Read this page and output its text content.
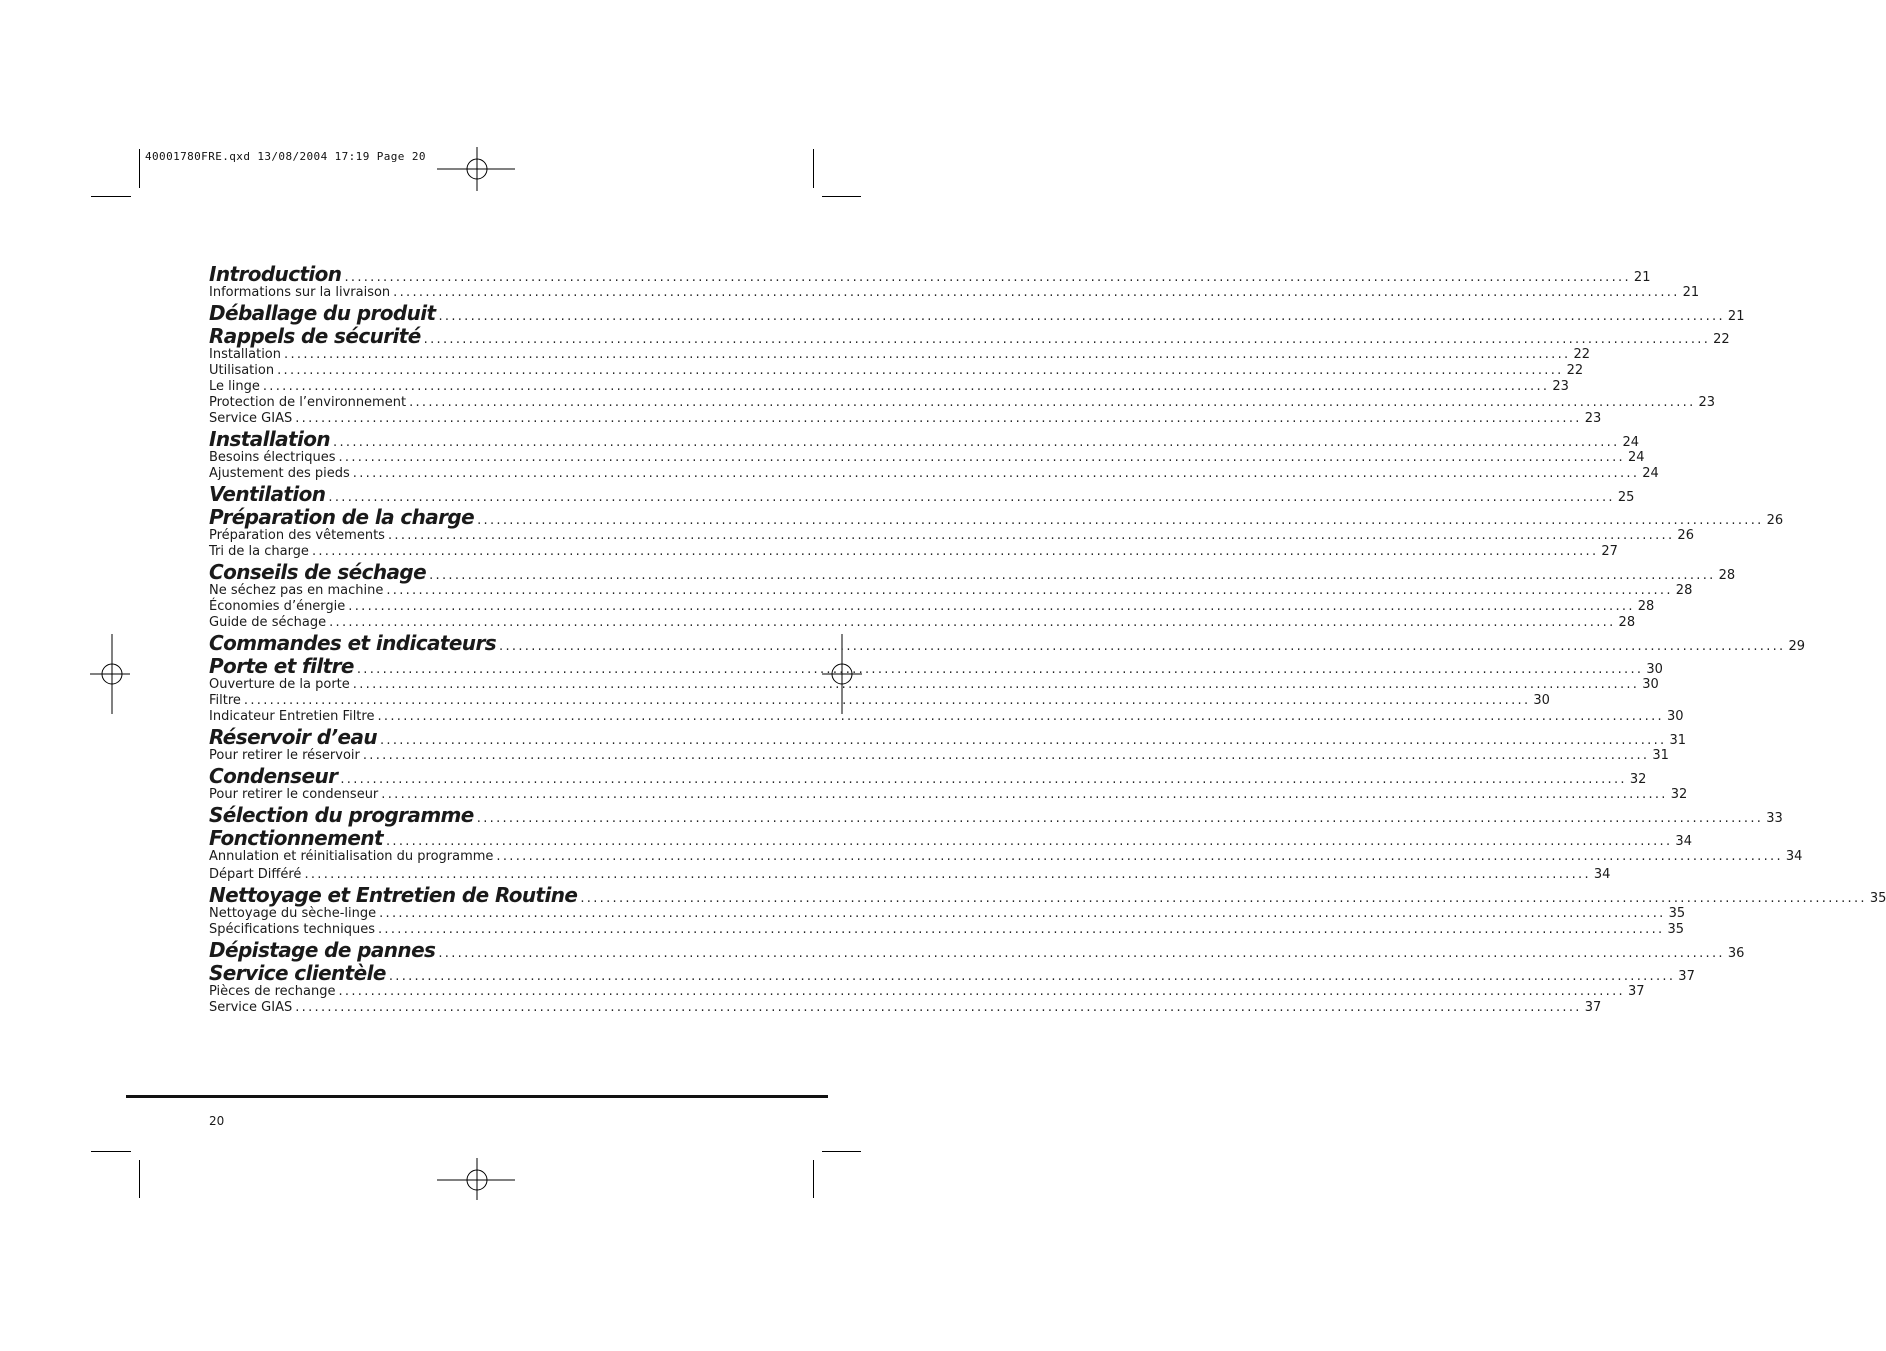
40001780FRE.qxd 13/08/2004 17:19 Page 20
Introduction ........................................................................................................................................................................................................ 21
Informations sur la livraison ........................................................................................................................................................................................................ 21
Déballage du produit ........................................................................................................................................................................................................ 21
Rappels de sécurité ........................................................................................................................................................................................................ 22
Installation ........................................................................................................................................................................................................ 22
Utilisation ........................................................................................................................................................................................................ 22
Le linge ........................................................................................................................................................................................................ 23
Protection de l’environnement ........................................................................................................................................................................................................ 23
Service GIAS ........................................................................................................................................................................................................ 23
Installation ........................................................................................................................................................................................................ 24
Besoins électriques ........................................................................................................................................................................................................ 24
Ajustement des pieds ........................................................................................................................................................................................................ 24
Ventilation ........................................................................................................................................................................................................ 25
Préparation de la charge ........................................................................................................................................................................................................ 26
Préparation des vêtements ........................................................................................................................................................................................................ 26
Tri de la charge ........................................................................................................................................................................................................ 27
Conseils de séchage ........................................................................................................................................................................................................ 28
Ne séchez pas en machine ........................................................................................................................................................................................................ 28
Économies d’énergie ........................................................................................................................................................................................................ 28
Guide de séchage ........................................................................................................................................................................................................ 28
Commandes et indicateurs ........................................................................................................................................................................................................ 29
Porte et filtre ........................................................................................................................................................................................................ 30
Ouverture de la porte ........................................................................................................................................................................................................ 30
Filtre ........................................................................................................................................................................................................ 30
Indicateur Entretien Filtre ........................................................................................................................................................................................................ 30
Réservoir d’eau ........................................................................................................................................................................................................ 31
Pour retirer le réservoir ........................................................................................................................................................................................................ 31
Condenseur ........................................................................................................................................................................................................ 32
Pour retirer le condenseur ........................................................................................................................................................................................................ 32
Sélection du programme ........................................................................................................................................................................................................ 33
Fonctionnement ........................................................................................................................................................................................................ 34
Annulation et réinitialisation du programme ........................................................................................................................................................................................................ 34
Départ Différé ........................................................................................................................................................................................................ 34
Nettoyage et Entretien de Routine ........................................................................................................................................................................................................ 35
Nettoyage du sèche-linge ........................................................................................................................................................................................................ 35
Spécifications techniques ........................................................................................................................................................................................................ 35
Dépistage de pannes ........................................................................................................................................................................................................ 36
Service clientèle ........................................................................................................................................................................................................ 37
Pièces de rechange ........................................................................................................................................................................................................ 37
Service GIAS ........................................................................................................................................................................................................ 37
20
